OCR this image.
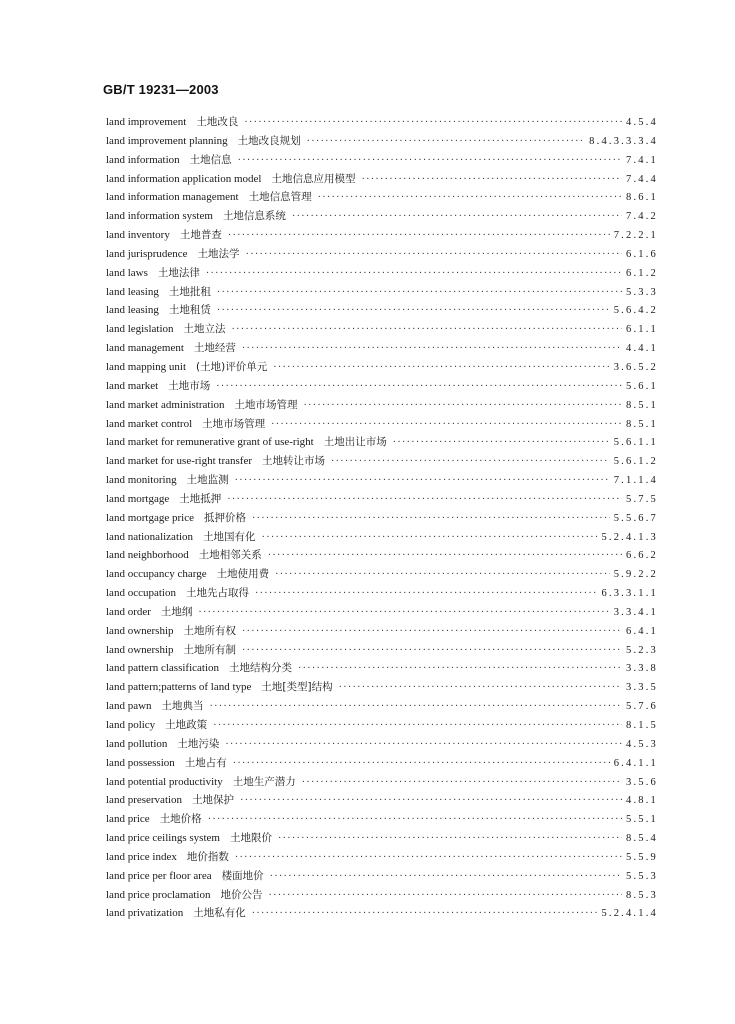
GB/T 19231—2003
land improvement 土地改良 ·····	4.5.4
land improvement planning 土地改良规划 ·····	8.4.3.3.3.4
land information 土地信息 ·····	7.4.1
land information application model 土地信息应用模型 ·····	7.4.4
land information management 土地信息管理 ·····	8.6.1
land information system 土地信息系统 ·····	7.4.2
land inventory 土地普查 ·····	7.2.2.1
land jurisprudence 土地法学 ·····	6.1.6
land laws 土地法律 ·····	6.1.2
land leasing 土地批租 ·····	5.3.3
land leasing 土地租赁 ·····	5.6.4.2
land legislation 土地立法 ·····	6.1.1
land management 土地经营 ·····	4.4.1
land mapping unit (土地)评价单元 ·····	3.6.5.2
land market 土地市场 ·····	5.6.1
land market administration 土地市场管理 ·····	8.5.1
land market control 土地市场管理 ·····	8.5.1
land market for remunerative grant of use-right 土地出让市场 ·····	5.6.1.1
land market for use-right transfer 土地转让市场 ·····	5.6.1.2
land monitoring 土地监测 ·····	7.1.1.4
land mortgage 土地抵押 ·····	5.7.5
land mortgage price 抵押价格 ·····	5.5.6.7
land nationalization 土地国有化 ·····	5.2.4.1.3
land neighborhood 土地相邻关系 ·····	6.6.2
land occupancy charge 土地使用费 ·····	5.9.2.2
land occupation 土地先占取得 ·····	6.3.3.1.1
land order 土地纲 ·····	3.3.4.1
land ownership 土地所有权 ·····	6.4.1
land ownership 土地所有制 ·····	5.2.3
land pattern classification 土地结构分类 ·····	3.3.8
land pattern;patterns of land type 土地[类型]结构 ·····	3.3.5
land pawn 土地典当 ·····	5.7.6
land policy 土地政策 ·····	8.1.5
land pollution 土地污染 ·····	4.5.3
land possession 土地占有 ·····	6.4.1.1
land potential productivity 土地生产潜力 ·····	3.5.6
land preservation 土地保护 ·····	4.8.1
land price 土地价格 ·····	5.5.1
land price ceilings system 土地限价 ·····	8.5.4
land price index 地价指数 ·····	5.5.9
land price per floor area 楼面地价 ·····	5.5.3
land price proclamation 地价公告 ·····	8.5.3
land privatization 土地私有化 ·····	5.2.4.1.4
